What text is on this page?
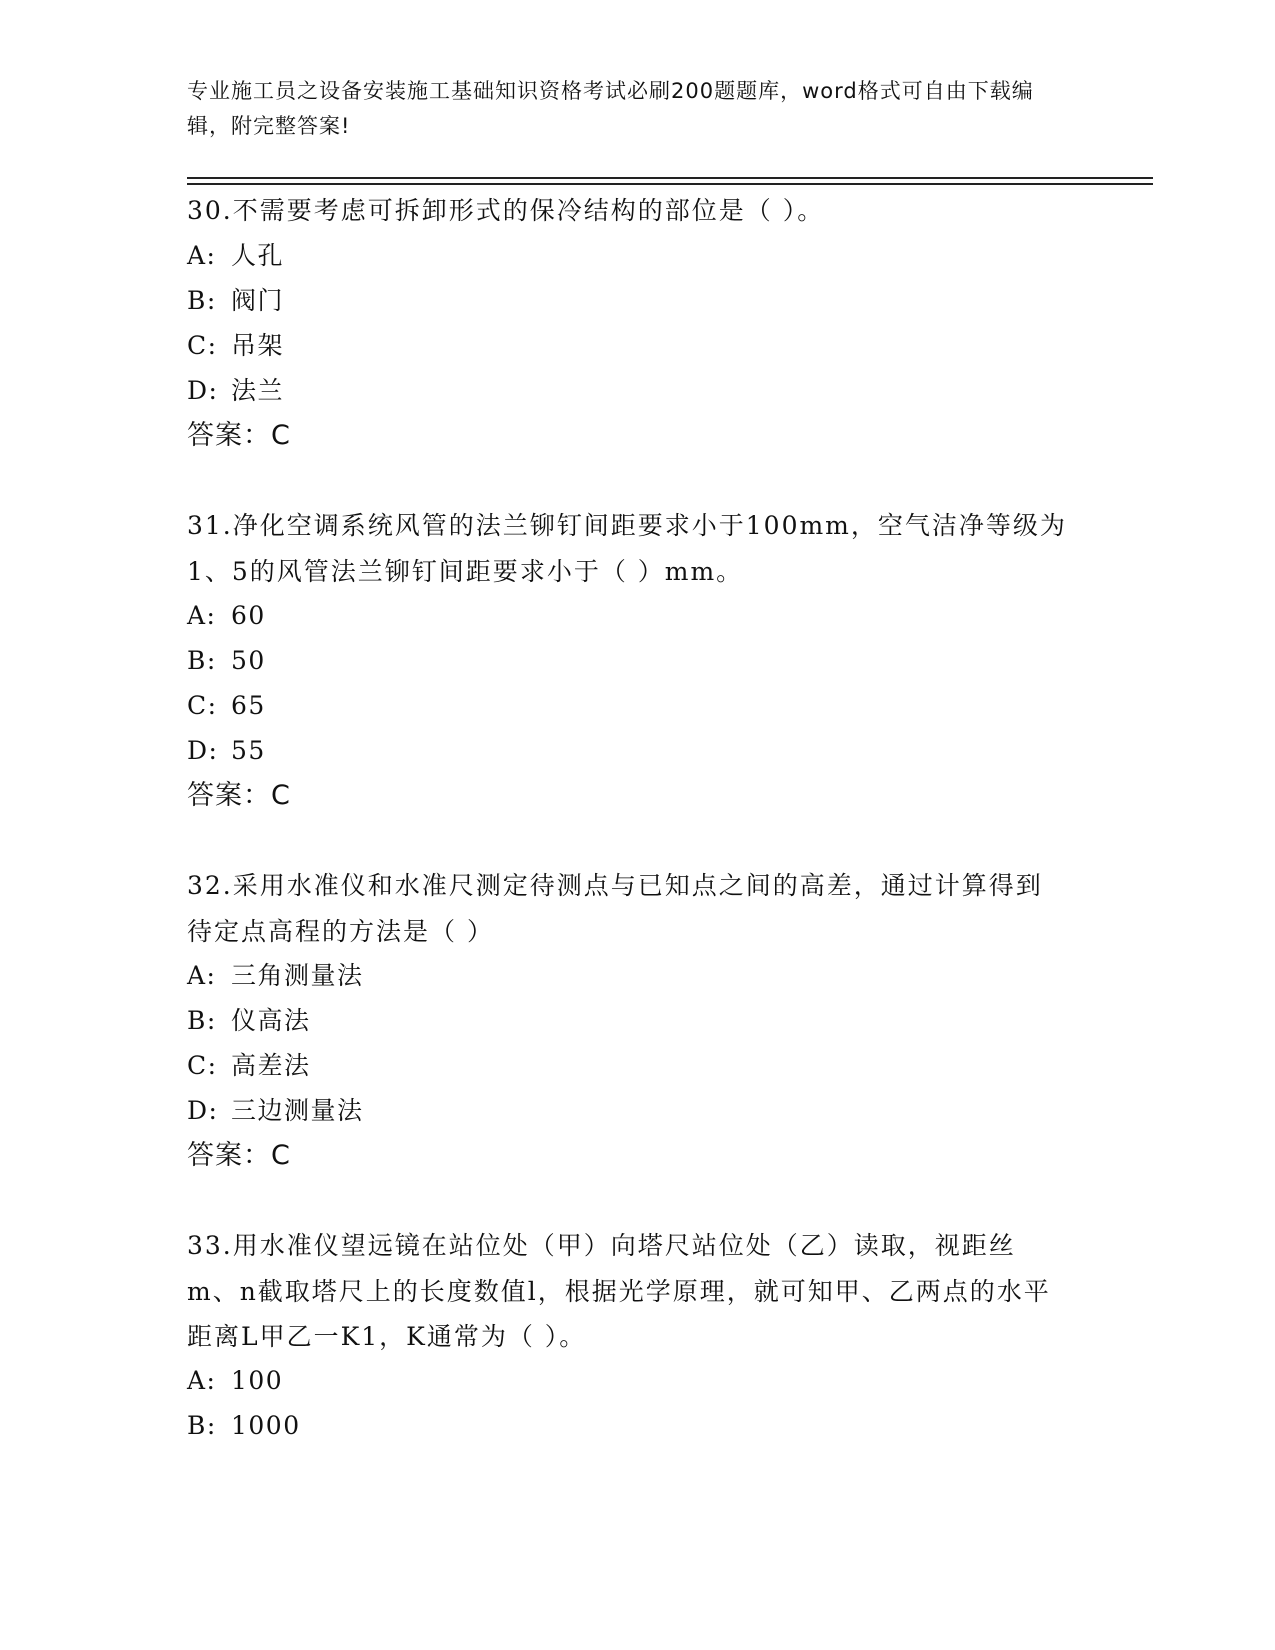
专业施工员之设备安装施工基础知识资格考试必刷200题题库，word格式可自由下载编辑，附完整答案!
30.不需要考虑可拆卸形式的保冷结构的部位是（ ）。
A: 人孔
B: 阀门
C: 吊架
D: 法兰
答案：C
31.净化空调系统风管的法兰铆钉间距要求小于100mm，空气洁净等级为1、5的风管法兰铆钉间距要求小于（ ）mm。
A: 60
B: 50
C: 65
D: 55
答案：C
32.采用水准仪和水准尺测定待测点与已知点之间的高差，通过计算得到待定点高程的方法是（ ）
A: 三角测量法
B: 仪高法
C: 高差法
D: 三边测量法
答案：C
33.用水准仪望远镜在站位处（甲）向塔尺站位处（乙）读取，视距丝m、n截取塔尺上的长度数值l，根据光学原理，就可知甲、乙两点的水平距离L甲乙一K1，K通常为（ ）。
A: 100
B: 1000
